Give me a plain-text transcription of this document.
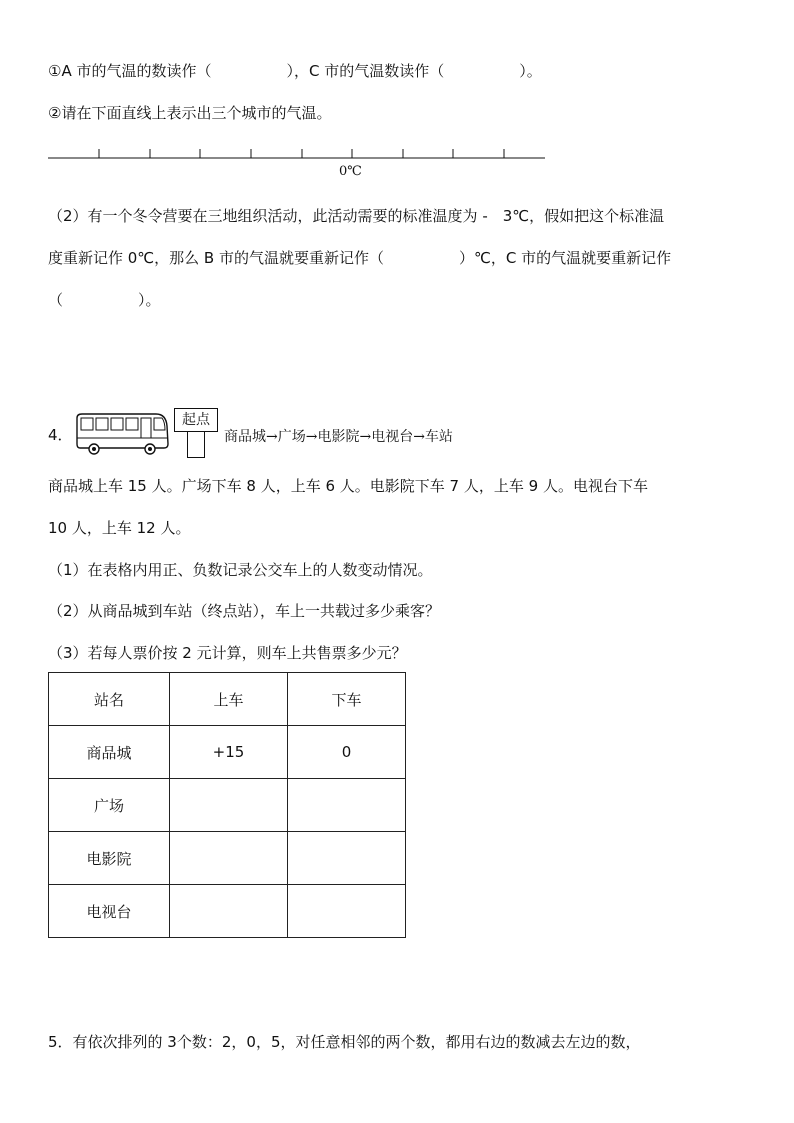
①A 市的气温的数读作（　　　　　），C 市的气温数读作（　　　　　）。
②请在下面直线上表示出三个城市的气温。
0℃
（2）有一个冬令营要在三地组织活动，此活动需要的标准温度为 -　3℃，假如把这个标准温
度重新记作 0℃，那么 B 市的气温就要重新记作（　　　　　）℃，C 市的气温就要重新记作
（　　　　　）。
4．
起点
商品城→广场→电影院→电视台→车站
商品城上车 15 人。广场下车 8 人，上车 6 人。电影院下车 7 人，上车 9 人。电视台下车
10 人，上车 12 人。
（1）在表格内用正、负数记录公交车上的人数变动情况。
（2）从商品城到车站（终点站），车上一共载过多少乘客？
（3）若每人票价按 2 元计算，则车上共售票多少元？
站名	上车	下车
商品城	+15	0
广场		
电影院		
电视台		
5．有依次排列的 3个数：2，0，5，对任意相邻的两个数，都用右边的数减去左边的数，
